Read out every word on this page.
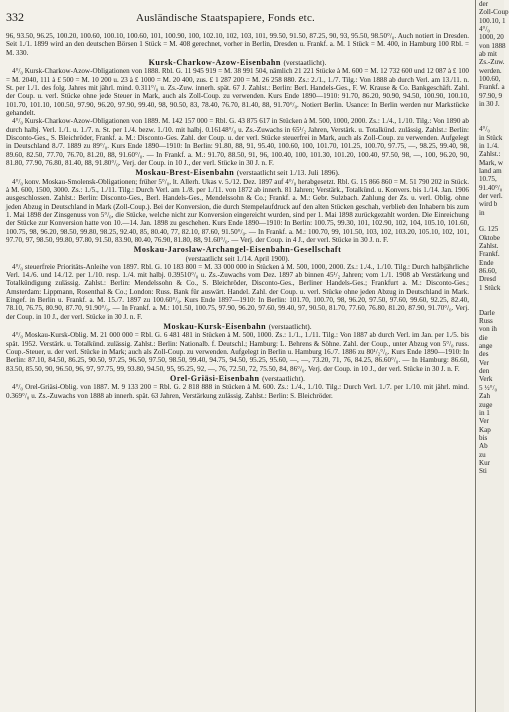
332	Ausländische Staatspapiere, Fonds etc.

96, 93.50, 96.25, 100.20, 100.60, 100.10, 100.60, 101, 100.90, 100, 102.10, 102, 103, 101, 99.50, 91.50, 87.25, 90, 93, 95.50, 98.50°/₀. Auch notiert in Dresden. Seit 1./1. 1899 wird an den deutschen Börsen 1 Stück = M. 408 gerechnet, vorher in Berlin, Dresden u. Frankf. a. M. 1 Stück = M. 400, in Hamburg 100 Rbl. = M. 330.

Kursk-Charkow-Azow-Eisenbahn (verstaatlicht).

4°/₀ Kursk-Charkow-Azow-Obligationen von 1888. Rbl. G. 11 945 919 = M. 38 991 504, nämlich 21 221 Stücke à M. 600 = M. 12 732 600 und 12 087 à £ 100 = M. 2040, 111 à £ 500 = M. 10 200 u. 23 à £ 1000 = M. 20 400, zus. £ 1 287 200 = M. 26 258 880. Zs.: 2./1., 1./7. Tilg.: Von 1888 ab durch Verl. am 13./11. n. St. per 1./1. des folg. Jahres mit jährl. mind. 0.311°/₀ u. Zs.-Zuw. innerh. spät. 67 J. Zahlst.: Berlin: Berl. Handels-Ges., F. W. Krause & Co. Bankgeschäft. Zahl. der Coup. u. verl. Stücke ohne jede Steuer in Mark, auch als Zoll-Coup. zu verwenden. Kurs Ende 1890—1910: 91.70, 86.20, 90.90, 94.50, 100.90, 100.10, 101.70, 101.10, 100.50, 97.90, 96.20, 97.90, 99.40, 98, 90.50, 83, 78.40, 76.70, 81.40, 88, 91.70°/₀. Notiert Berlin. Usance: In Berlin werden nur Markstücke gehandelt.

4°/₀ Kursk-Charkow-Azow-Obligationen von 1889. M. 142 157 000 = Rbl. G. 43 875 617 in Stücken à M. 500, 1000, 2000. Zs.: 1./4., 1./10. Tilg.: Von 1890 ab durch halbj. Verl. 1./1. u. 1./7. n. St. per 1./4. bezw. 1./10. mit halbj. 0.16148°/₀ u. Zs.-Zuwachs in 65¹/₂ Jahren, Verstärk. u. Totalkünd. zulässig. Zahlst.: Berlin: Disconto-Ges., S. Bleichröder, Frankf. a. M.: Disconto-Ges. Zahl. der Coup. u. der verl. Stücke steuerfrei in Mark, auch als Zoll-Coup. zu verwenden. Aufgelegt in Deutschland 8./7. 1889 zu 89°/₀. Kurs Ende 1890—1910: In Berlin: 91.80, 88, 91, 95.40, 100.60, 100, 101.70, 101.25, 100.70, 97.75, —, 98.25, 99.40, 98, 89.60, 82.50, 77.70, 76.70, 81.20, 88, 91.60°/₀. — In Frankf. a. M.: 91.70, 88.50, 91, 96, 100.40, 100, 101.30, 101.20, 100.40, 97.50, 98, —, 100, 96.20, 90, 81.80, 77.90, 76.80, 81.40, 88, 91.80°/₀. Verj. der Coup. in 10 J., der verl. Stücke in 30 J. n. F.

Moskau-Brest-Eisenbahn (verstaatlicht seit 1./13. Juli 1896).

4°/₀ konv. Moskau-Smolensk-Obligationen; früher 5°/₀, lt. Allerh. Ukas v. 5./12. Dez. 1897 auf 4°/₀ herabgesetzt. Rbl. G. 15 866 860 = M. 51 790 202 in Stück. à M. 600, 1500, 3000. Zs.: 1./5., 1./11. Tilg.: Durch Verl. am 1./8. per 1./11. von 1872 ab innerh. 81 Jahren; Verstärk., Totalkünd. u. Konvers. bis 1./14. Jan. 1906 ausgeschlossen. Zahlst.: Berlin: Disconto-Ges., Berl. Handels-Ges., Mendelssohn & Co.; Frankf. a. M.: Gebr. Sulzbach. Zahlung der Zs. u. verl. Oblig. ohne jeden Abzug in Deutschland in Mark (Zoll-Coup.). Bei der Konversion, die durch Stempelaufdruck auf den alten Stücken geschah, verblieb den Inhabern bis zum 1. Mai 1898 der Zinsgenuss von 5°/₀, die Stücke, welche nicht zur Konversion eingereicht wurden, sind per 1. Mai 1898 zurückgezahlt worden. Die Einreichung der Stücke zur Konversion hatte von 10.—14. Jan. 1898 zu geschehen. Kurs Ende 1890—1910: In Berlin: 100.75, 99.30, 101, 102.90, 102, 104, 105.10, 101.60, 100.75, 98, 96.20, 98.50, 99.80, 98.25, 92.40, 85, 80.40, 77, 82.10, 87.60, 91.50°/₀. — In Frankf. a. M.: 100.70, 99, 101.50, 103, 102, 103.20, 105.10, 102, 101, 97.70, 97, 98.50, 99.80, 97.80, 91.50, 83.90, 80.40, 76.90, 81.80, 88, 91.60°/₀. — Verj. der Coup. in 4 J., der verl. Stücke in 30 J. n. F.

Moskau-Jaroslaw-Archangel-Eisenbahn-Gesellschaft
(verstaatlicht seit 1./14. April 1900).

4°/₀ steuerfreie Prioritäts-Anleihe von 1897. Rbl. G. 10 183 800 = M. 33 000 000 in Stücken à M. 500, 1000, 2000. Zs.: 1./4., 1./10. Tilg.: Durch halbjährliche Verl. 14./6. und 14./12. per 1./10. resp. 1./4. mit halbj. 0.39510°/₀ u. Zs.-Zuwachs vom Dez. 1897 ab binnen 45¹/₂ Jahren; vom 1./1. 1908 ab Verstärkung und Totalkündigung zulässig. Zahlst.: Berlin: Mendelssohn & Co., S. Bleichröder, Disconto-Ges., Berliner Handels-Ges.; Frankfurt a. M.: Disconto-Ges.; Amsterdam: Lippmann, Rosenthal & Co.; London: Russ. Bank für auswärt. Handel. Zahl. der Coup. u. verl. Stücke ohne jeden Abzug in Deutschland in Mark. Eingef. in Berlin u. Frankf. a. M. 15./7. 1897 zu 100.60°/₀. Kurs Ende 1897—1910: In Berlin: 101.70, 100.70, 98, 96.20, 97.50, 97.60, 99.60, 92.25, 82.40, 78.10, 76.75, 80.90, 87.70, 91.90°/₀. — In Frankf. a. M.: 101.50, 100.75, 97.90, 96.20, 97.60, 99.40, 97, 90.50, 81.70, 77.60, 76.80, 81.20, 87.90, 91.70°/₀. Verj. der Coup. in 10 J., der verl. Stücke in 30 J. n. F.

Moskau-Kursk-Eisenbahn (verstaatlicht).

4°/₀ Moskau-Kursk-Oblig. M. 21 000 000 = Rbl. G. 6 481 481 in Stücken à M. 500, 1000. Zs.: 1./1., 1./11. Tilg.: Von 1887 ab durch Verl. im Jan. per 1./5. bis spät. 1952. Verstärk. u. Totalkünd. zulässig. Zahlst.: Berlin: Nationalb. f. Deutschl.; Hamburg: L. Behrens & Söhne. Zahl. der Coup., unter Abzug von 5°/₀ russ. Coup.-Steuer, u. der verl. Stücke in Mark; auch als Zoll-Coup. zu verwenden. Aufgelegt in Berlin u. Hamburg 16./7. 1886 zu 80¹/₂°/₀. Kurs Ende 1890—1910: In Berlin: 87.10, 84.50, 86.25, 90.50, 97.25, 96.50, 97.50, 98.50, 99.40, 94.75, 94.50, 95.25, 95.60, —, —, 73.20, 71, 76, 84.25, 86.60°/₀. — In Hamburg: 86.60, 83.50, 85.50, 90, 96.50, 96, 97, 97.75, 99, 93.80, 94.50, 95, 95.25, 92, —, 76, 72.50, 72, 75.50, 84, 86°/₀. Verj. der Coup. in 10 J., der verl. Stücke in 30 J. n. F.

Orel-Griäsi-Eisenbahn (verstaatlicht).

4°/₀ Orel-Griäsi-Oblig. von 1887. M. 9 133 200 = Rbl. G. 2 818 888 in Stücken à M. 600. Zs.: 1./4., 1./10. Tilg.: Durch Verl. 1./7. per 1./10. mit jährl. mind. 0.369°/₀ u. Zs.-Zuwachs von 1888 ab innerh. spät. 63 Jahren, Verstärkung zulässig. Zahlst.: Berlin: S. Bleichröder.

der
Zoll-Coup
100.10, 1
4°/₀
1000, 20
von 1888
ab mit
Zs.-Zuw.
werden.
100.60,
Frankf. a
97.90, 9
in 30 J.

4°/₀
in Stück
in 1./4.
Zahlst.:
Mark, w
land am
10.75,
91.40°/₀
der verl.
wird b
in

G. 125
Oktobe
Zahlst.
Frankf.
Ende
86.60,
Dresd
1 Stück

Darle
Russ
von ih
die
ange
des
Ver
den
Verk
5 ½°/₀
Zah
zuge
in 1
Ver
Kap
bis
Ab
zu
Kur
Sti
